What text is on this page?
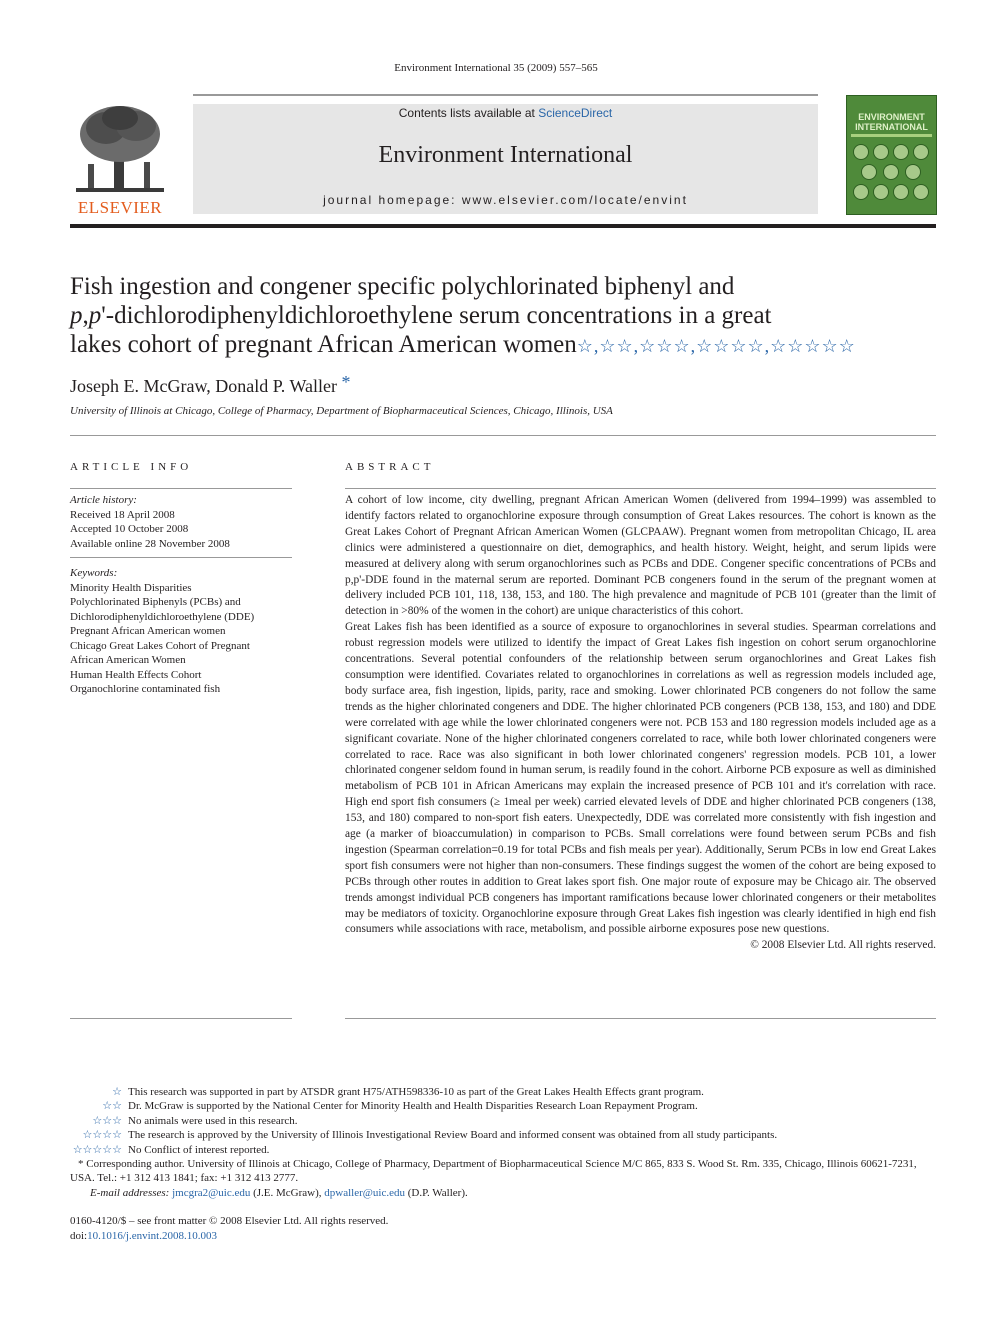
Environment International 35 (2009) 557–565
ELSEVIER
Contents lists available at ScienceDirect
Environment International
journal homepage: www.elsevier.com/locate/envint
ENVIRONMENT
INTERNATIONAL
Fish ingestion and congener specific polychlorinated biphenyl and
p,p'-dichlorodiphenyldichloroethylene serum concentrations in a great
lakes cohort of pregnant African American women☆,☆☆,☆☆☆,☆☆☆☆,☆☆☆☆☆
Joseph E. McGraw, Donald P. Waller *
University of Illinois at Chicago, College of Pharmacy, Department of Biopharmaceutical Sciences, Chicago, Illinois, USA
ARTICLE INFO
Article history:
Received 18 April 2008
Accepted 10 October 2008
Available online 28 November 2008
Keywords:
Minority Health Disparities
Polychlorinated Biphenyls (PCBs) and
Dichlorodiphenyldichloroethylene (DDE)
Pregnant African American women
Chicago Great Lakes Cohort of Pregnant
African American Women
Human Health Effects Cohort
Organochlorine contaminated fish
ABSTRACT

A cohort of low income, city dwelling, pregnant African American Women (delivered from 1994–1999) was assembled to identify factors related to organochlorine exposure through consumption of Great Lakes resources. The cohort is known as the Great Lakes Cohort of Pregnant African American Women (GLCPAAW). Pregnant women from metropolitan Chicago, IL area clinics were administered a questionnaire on diet, demographics, and health history. Weight, height, and serum lipids were measured at delivery along with serum organochlorines such as PCBs and DDE. Congener specific concentrations of PCBs and p,p'-DDE found in the maternal serum are reported. Dominant PCB congeners found in the serum of the pregnant women at delivery included PCB 101, 118, 138, 153, and 180. The high prevalence and magnitude of PCB 101 (greater than the limit of detection in >80% of the women in the cohort) are unique characteristics of this cohort.

Great Lakes fish has been identified as a source of exposure to organochlorines in several studies. Spearman correlations and robust regression models were utilized to identify the impact of Great Lakes fish ingestion on cohort serum organochlorine concentrations. Several potential confounders of the relationship between serum organochlorines and Great Lakes fish consumption were identified. Covariates related to organochlorines in correlations as well as regression models included age, body surface area, fish ingestion, lipids, parity, race and smoking. Lower chlorinated PCB congeners do not follow the same trends as the higher chlorinated congeners and DDE. The higher chlorinated PCB congeners (PCB 138, 153, and 180) and DDE were correlated with age while the lower chlorinated congeners were not. PCB 153 and 180 regression models included age as a significant covariate. None of the higher chlorinated congeners correlated to race, while both lower chlorinated congeners were correlated to race. Race was also significant in both lower chlorinated congeners' regression models. PCB 101, a lower chlorinated congener seldom found in human serum, is readily found in the cohort. Airborne PCB exposure as well as diminished metabolism of PCB 101 in African Americans may explain the increased presence of PCB 101 and it's correlation with race. High end sport fish consumers (≥ 1meal per week) carried elevated levels of DDE and higher chlorinated PCB congeners (138, 153, and 180) compared to non-sport fish eaters. Unexpectedly, DDE was correlated more consistently with fish ingestion and age (a marker of bioaccumulation) in comparison to PCBs. Small correlations were found between serum PCBs and fish ingestion (Spearman correlation=0.19 for total PCBs and fish meals per year). Additionally, Serum PCBs in low end Great Lakes sport fish consumers were not higher than non-consumers. These findings suggest the women of the cohort are being exposed to PCBs through other routes in addition to Great lakes sport fish. One major route of exposure may be Chicago air. The observed trends amongst individual PCB congeners has important ramifications because lower chlorinated congeners or their metabolites may be mediators of toxicity. Organochlorine exposure through Great Lakes fish ingestion was clearly identified in high end fish consumers while associations with race, metabolism, and possible airborne exposures pose new questions.

© 2008 Elsevier Ltd. All rights reserved.

☆ This research was supported in part by ATSDR grant H75/ATH598336-10 as part of the Great Lakes Health Effects grant program.
☆☆ Dr. McGraw is supported by the National Center for Minority Health and Health Disparities Research Loan Repayment Program.
☆☆☆ No animals were used in this research.
☆☆☆☆ The research is approved by the University of Illinois Investigational Review Board and informed consent was obtained from all study participants.
☆☆☆☆☆ No Conflict of interest reported.
* Corresponding author. University of Illinois at Chicago, College of Pharmacy, Department of Biopharmaceutical Science M/C 865, 833 S. Wood St. Rm. 335, Chicago, Illinois 60621-7231, USA. Tel.: +1 312 413 1841; fax: +1 312 413 2777.
E-mail addresses: jmcgra2@uic.edu (J.E. McGraw), dpwaller@uic.edu (D.P. Waller).
0160-4120/$ – see front matter © 2008 Elsevier Ltd. All rights reserved.
doi:10.1016/j.envint.2008.10.003
